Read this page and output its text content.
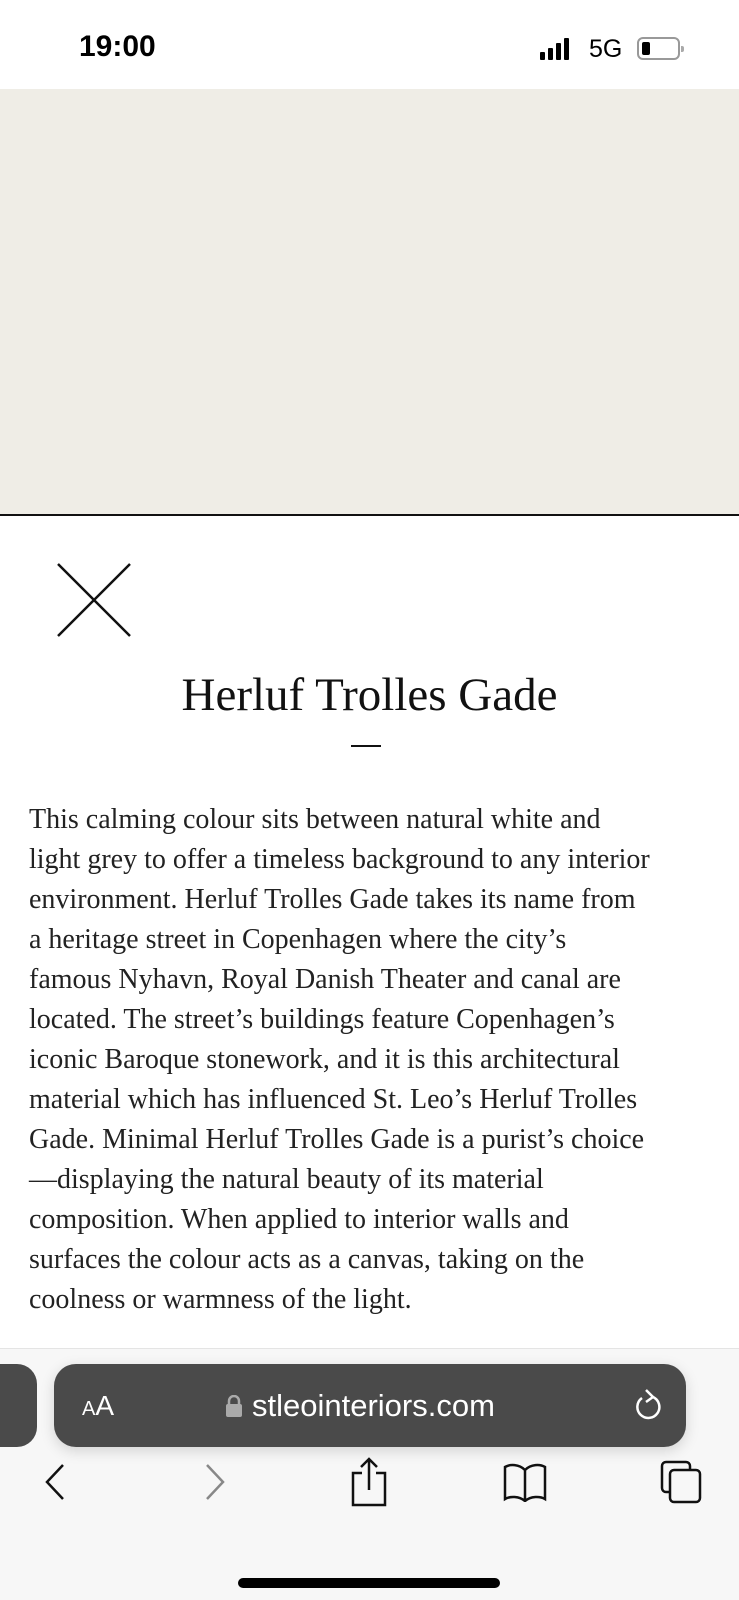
19:00	5G
Herluf Trolles Gade
This calming colour sits between natural white and
light grey to offer a timeless background to any interior
environment. Herluf Trolles Gade takes its name from
a heritage street in Copenhagen where the city’s
famous Nyhavn, Royal Danish Theater and canal are
located. The street’s buildings feature Copenhagen’s
iconic Baroque stonework, and it is this architectural
material which has influenced St. Leo’s Herluf Trolles
Gade. Minimal Herluf Trolles Gade is a purist’s choice
—displaying the natural beauty of its material
composition. When applied to interior walls and
surfaces the colour acts as a canvas, taking on the
coolness or warmness of the light.
AA	stleointeriors.com
